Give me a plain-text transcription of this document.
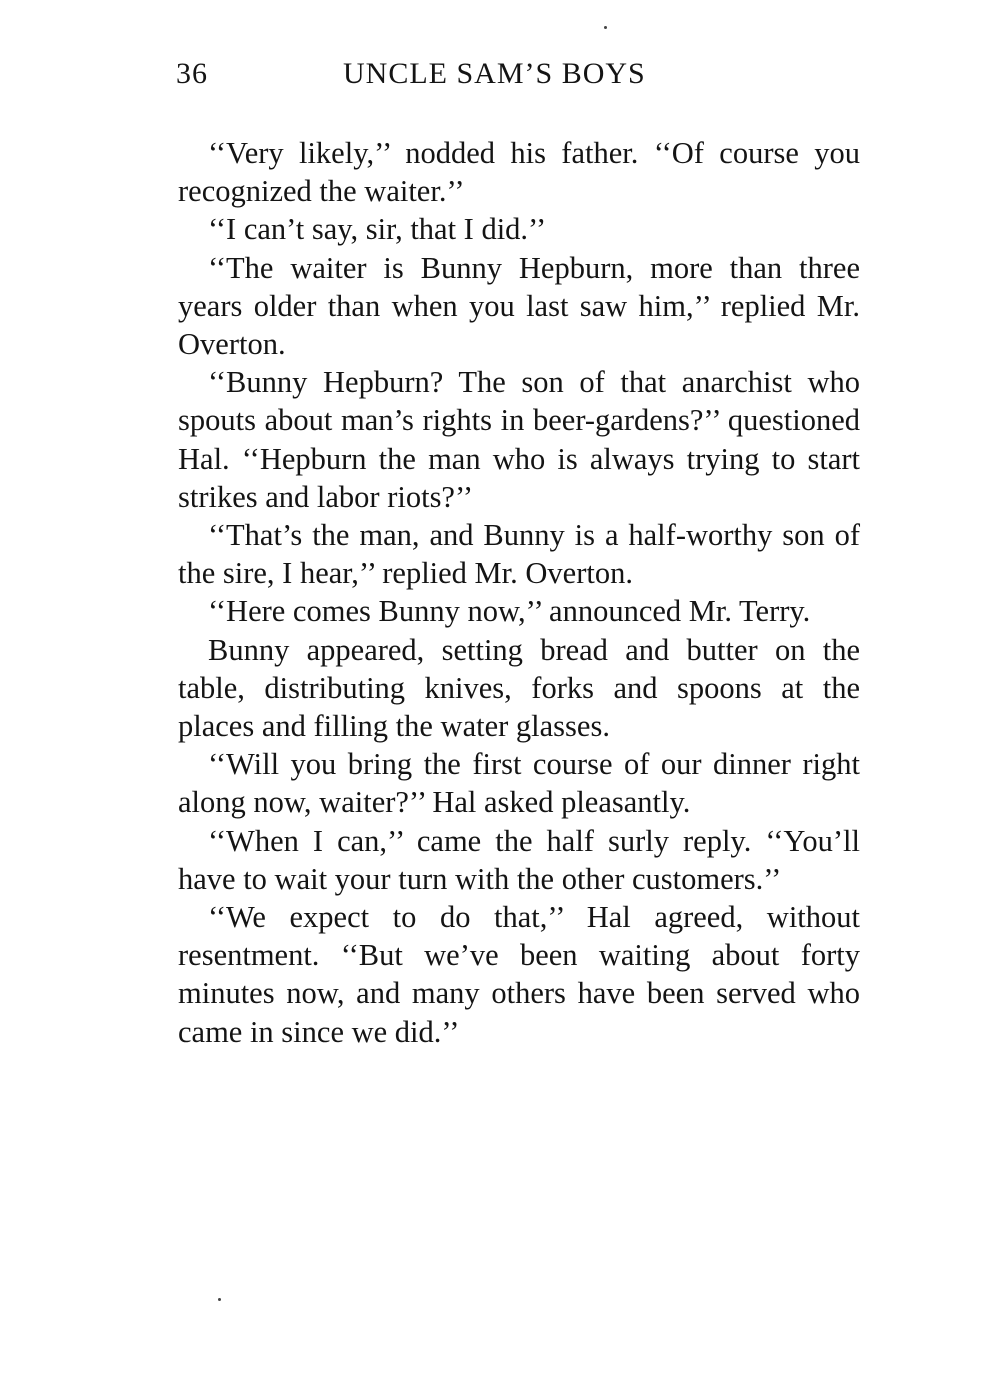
36	UNCLE SAM’S BOYS

‘‘Very likely,’’ nodded his father. ‘‘Of course you recognized the waiter.’’

‘‘I can’t say, sir, that I did.’’

‘‘The waiter is Bunny Hepburn, more than three years older than when you last saw him,’’ replied Mr. Overton.

‘‘Bunny Hepburn? The son of that anarchist who spouts about man’s rights in beer-gardens?’’ questioned Hal. ‘‘Hepburn the man who is always trying to start strikes and labor riots?’’

‘‘That’s the man, and Bunny is a half-worthy son of the sire, I hear,’’ replied Mr. Overton.

‘‘Here comes Bunny now,’’ announced Mr. Terry.

Bunny appeared, setting bread and butter on the table, distributing knives, forks and spoons at the places and filling the water glasses.

‘‘Will you bring the first course of our dinner right along now, waiter?’’ Hal asked pleasantly.

‘‘When I can,’’ came the half surly reply. ‘‘You’ll have to wait your turn with the other customers.’’

‘‘We expect to do that,’’ Hal agreed, without resentment. ‘‘But we’ve been waiting about forty minutes now, and many others have been served who came in since we did.’’
